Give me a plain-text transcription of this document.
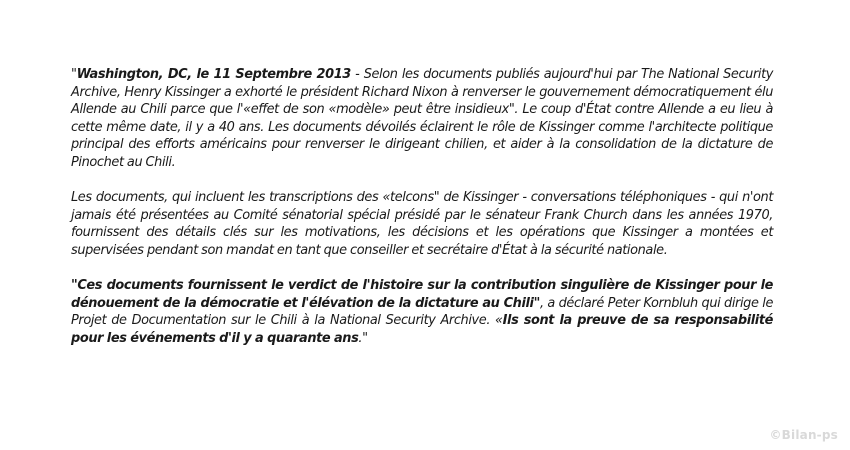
"Washington, DC, le 11 Septembre 2013 - Selon les documents publiés aujourd'hui par The National Security Archive, Henry Kissinger a exhorté le président Richard Nixon à renverser le gouvernement démocratiquement élu Allende au Chili parce que l'«effet de son «modèle» peut être insidieux". Le coup d'État contre Allende a eu lieu à cette même date, il y a 40 ans. Les documents dévoilés éclairent le rôle de Kissinger comme l'architecte politique principal des efforts américains pour renverser le dirigeant chilien, et aider à la consolidation de la dictature de Pinochet au Chili.

Les documents, qui incluent les transcriptions des «telcons" de Kissinger - conversations téléphoniques - qui n'ont jamais été présentées au Comité sénatorial spécial présidé par le sénateur Frank Church dans les années 1970, fournissent des détails clés sur les motivations, les décisions et les opérations que Kissinger a montées et supervisées pendant son mandat en tant que conseiller et secrétaire d'État à la sécurité nationale.

"Ces documents fournissent le verdict de l'histoire sur la contribution singulière de Kissinger pour le dénouement de la démocratie et l'élévation de la dictature au Chili", a déclaré Peter Kornbluh qui dirige le Projet de Documentation sur le Chili à la National Security Archive. «Ils sont la preuve de sa responsabilité pour les événements d'il y a quarante ans."

©Bilan-ps
